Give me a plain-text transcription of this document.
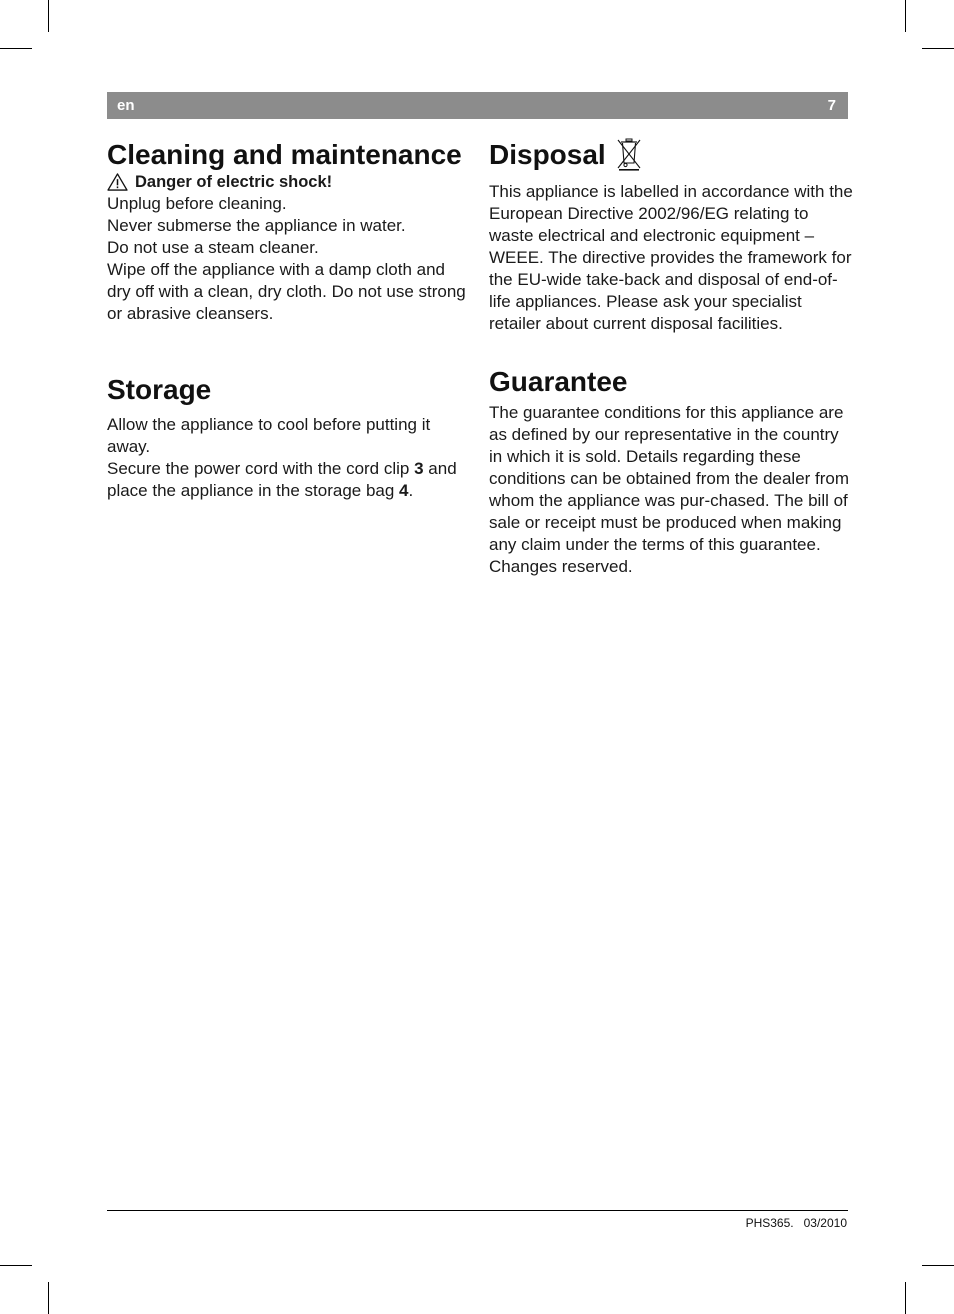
en	7
Cleaning and maintenance
Danger of electric shock!

Unplug before cleaning.

Never submerse the appliance in water.

Do not use a steam cleaner.

Wipe off the appliance with a damp cloth and dry off with a clean, dry cloth. Do not use strong or abrasive cleansers.

Storage

Allow the appliance to cool before putting it away.

Secure the power cord with the cord clip 3 and place the appliance in the storage bag 4.

Disposal

This appliance is labelled in accordance with the European Directive 2002/96/EG relating to waste electrical and electronic equipment – WEEE. The directive provides the framework for the EU-wide take-back and disposal of end-of-life appliances. Please ask your specialist retailer about current disposal facilities.

Guarantee

The guarantee conditions for this appliance are as defined by our representative in the country in which it is sold. Details regarding these conditions can be obtained from the dealer from whom the appliance was pur-chased. The bill of sale or receipt must be produced when making any claim under the terms of this guarantee.

Changes reserved.

PHS365. 03/2010
